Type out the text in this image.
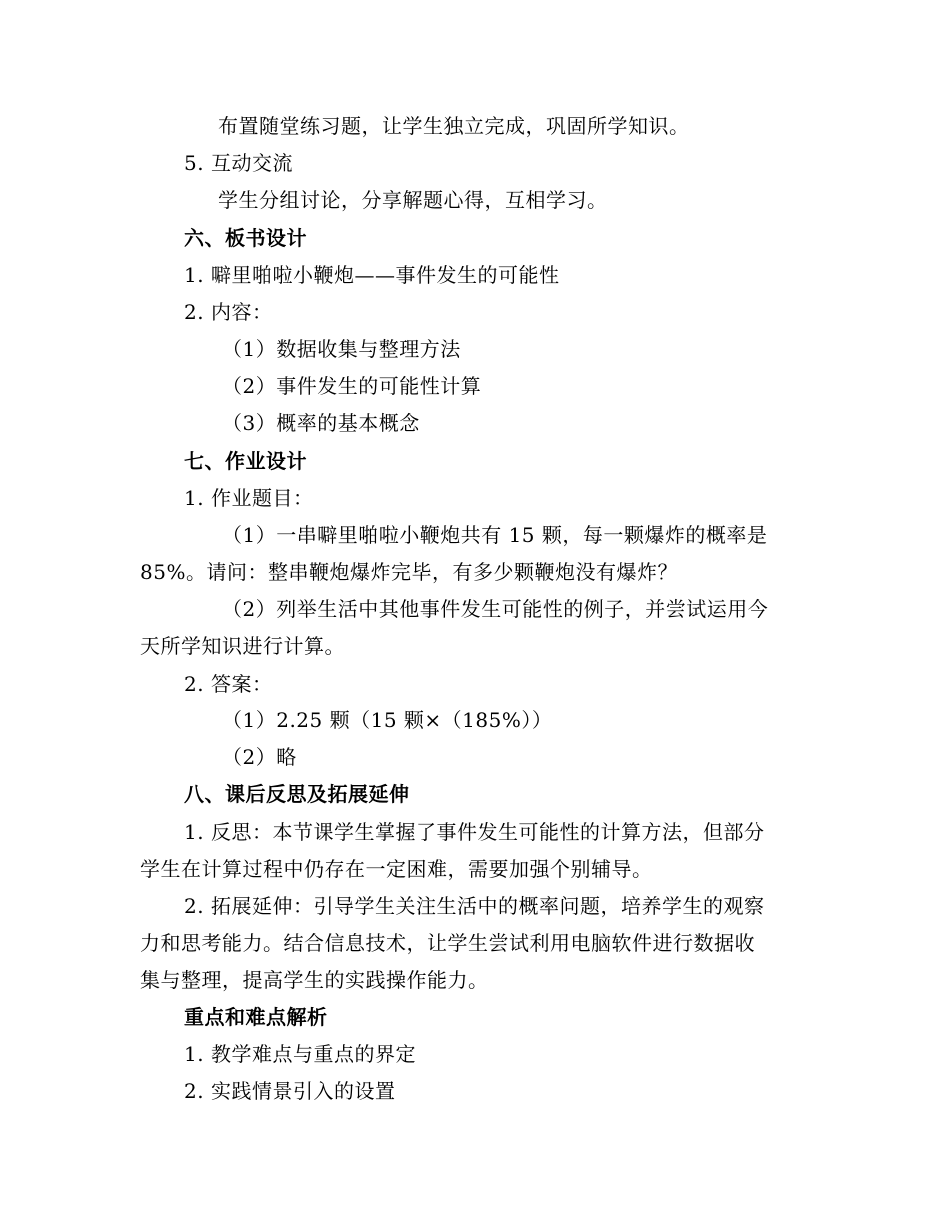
布置随堂练习题，让学生独立完成，巩固所学知识。
5. 互动交流
学生分组讨论，分享解题心得，互相学习。
六、板书设计
1. 噼里啪啦小鞭炮——事件发生的可能性
2. 内容：
（1）数据收集与整理方法
（2）事件发生的可能性计算
（3）概率的基本概念
七、作业设计
1. 作业题目：
（1）一串噼里啪啦小鞭炮共有 15 颗，每一颗爆炸的概率是
85%。请问：整串鞭炮爆炸完毕，有多少颗鞭炮没有爆炸？
（2）列举生活中其他事件发生可能性的例子，并尝试运用今
天所学知识进行计算。
2. 答案：
（1）2.25 颗（15 颗×（185%））
（2）略
八、课后反思及拓展延伸
1. 反思：本节课学生掌握了事件发生可能性的计算方法，但部分
学生在计算过程中仍存在一定困难，需要加强个别辅导。
2. 拓展延伸：引导学生关注生活中的概率问题，培养学生的观察
力和思考能力。结合信息技术，让学生尝试利用电脑软件进行数据收
集与整理，提高学生的实践操作能力。
重点和难点解析
1. 教学难点与重点的界定
2. 实践情景引入的设置
